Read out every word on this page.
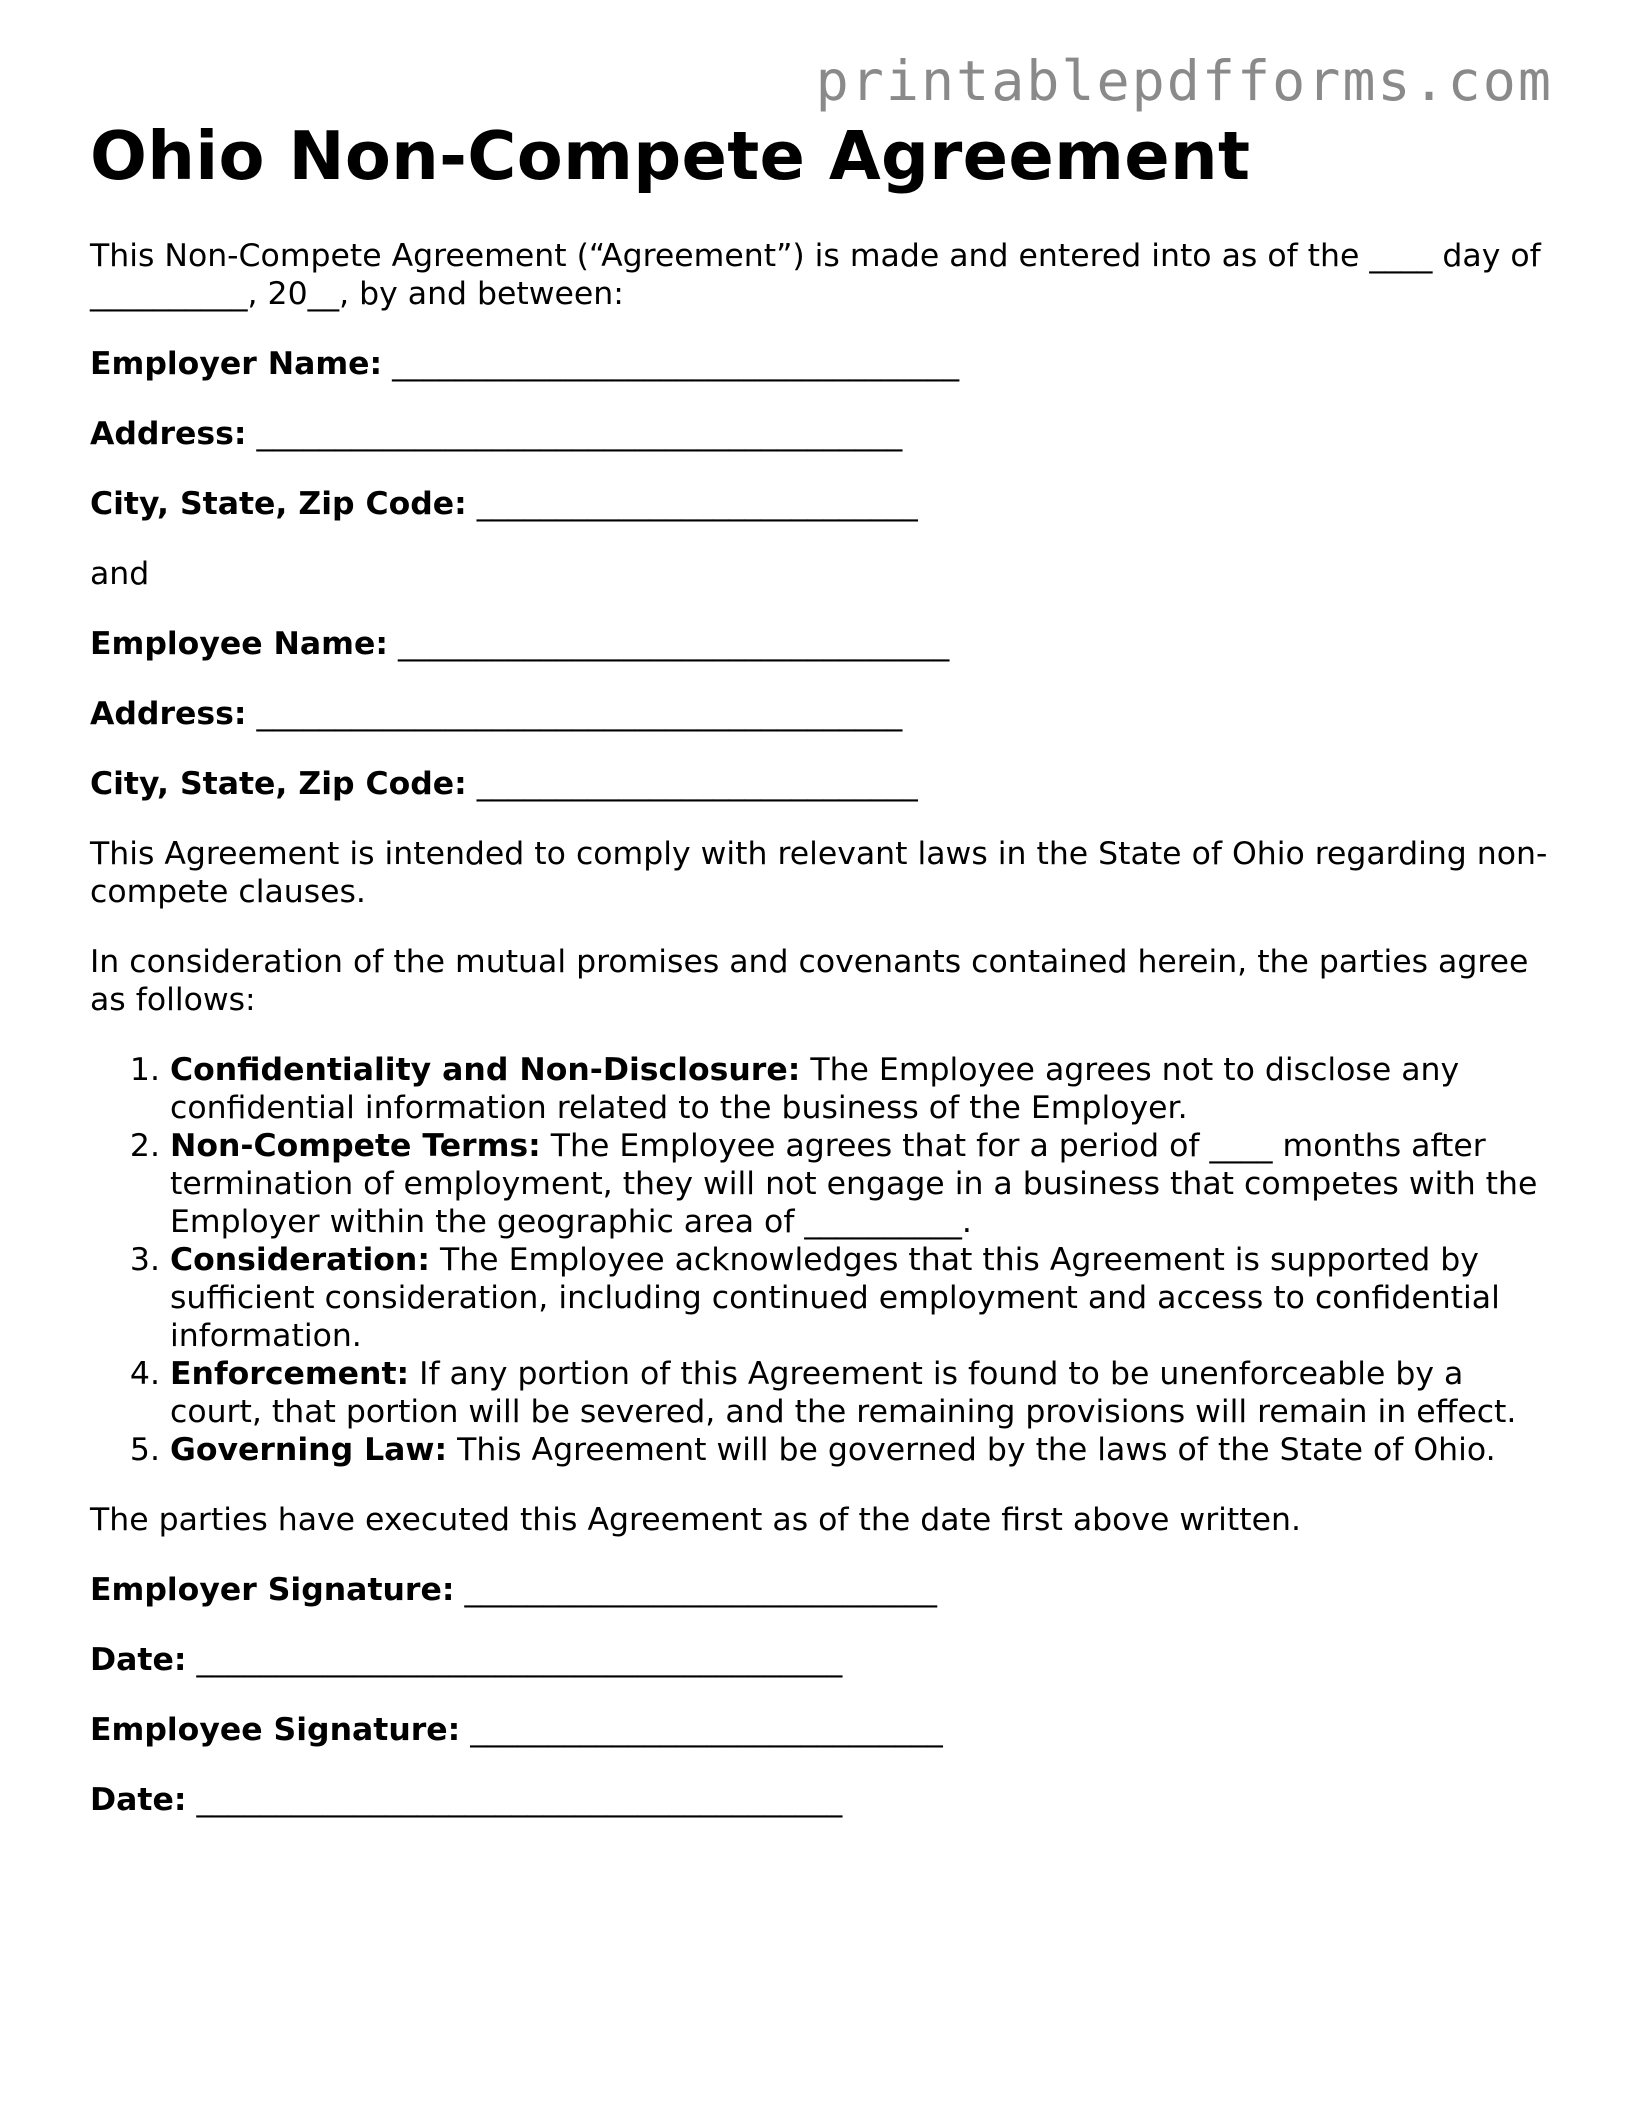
printablepdfforms.com
Ohio Non-Compete Agreement

This Non-Compete Agreement (“Agreement”) is made and entered into as of the ____ day of __________, 20__, by and between:

Employer Name: ____________________________________

Address: _________________________________________

City, State, Zip Code: ____________________________

and

Employee Name: ___________________________________

Address: _________________________________________

City, State, Zip Code: ____________________________

This Agreement is intended to comply with relevant laws in the State of Ohio regarding non-compete clauses.

In consideration of the mutual promises and covenants contained herein, the parties agree as follows:

1. Confidentiality and Non-Disclosure: The Employee agrees not to disclose any confidential information related to the business of the Employer.
2. Non-Compete Terms: The Employee agrees that for a period of ____ months after termination of employment, they will not engage in a business that competes with the Employer within the geographic area of __________.
3. Consideration: The Employee acknowledges that this Agreement is supported by sufficient consideration, including continued employment and access to confidential information.
4. Enforcement: If any portion of this Agreement is found to be unenforceable by a court, that portion will be severed, and the remaining provisions will remain in effect.
5. Governing Law: This Agreement will be governed by the laws of the State of Ohio.

The parties have executed this Agreement as of the date first above written.

Employer Signature: ______________________________

Date: _________________________________________

Employee Signature: ______________________________

Date: _________________________________________
